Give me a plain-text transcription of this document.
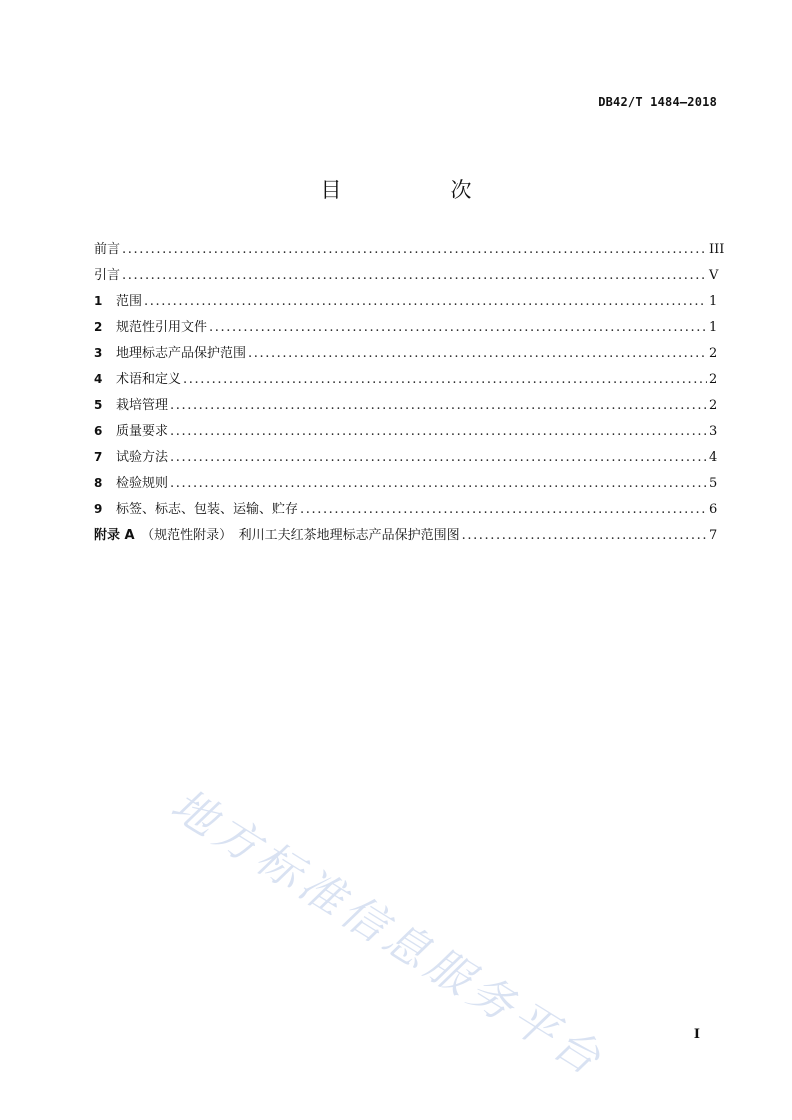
DB42/T 1484—2018
目　次
前言 .....	III
引言 .....	V
1	范围 .....	1
2	规范性引用文件 .....	1
3	地理标志产品保护范围 .....	2
4	术语和定义 .....	2
5	栽培管理 .....	2
6	质量要求 .....	3
7	试验方法 .....	4
8	检验规则 .....	5
9	标签、标志、包装、运输、贮存 .....	6
附录 A　（规范性附录）　利川工夫红茶地理标志产品保护范围图 .....	7
地方标准信息服务平台	I
